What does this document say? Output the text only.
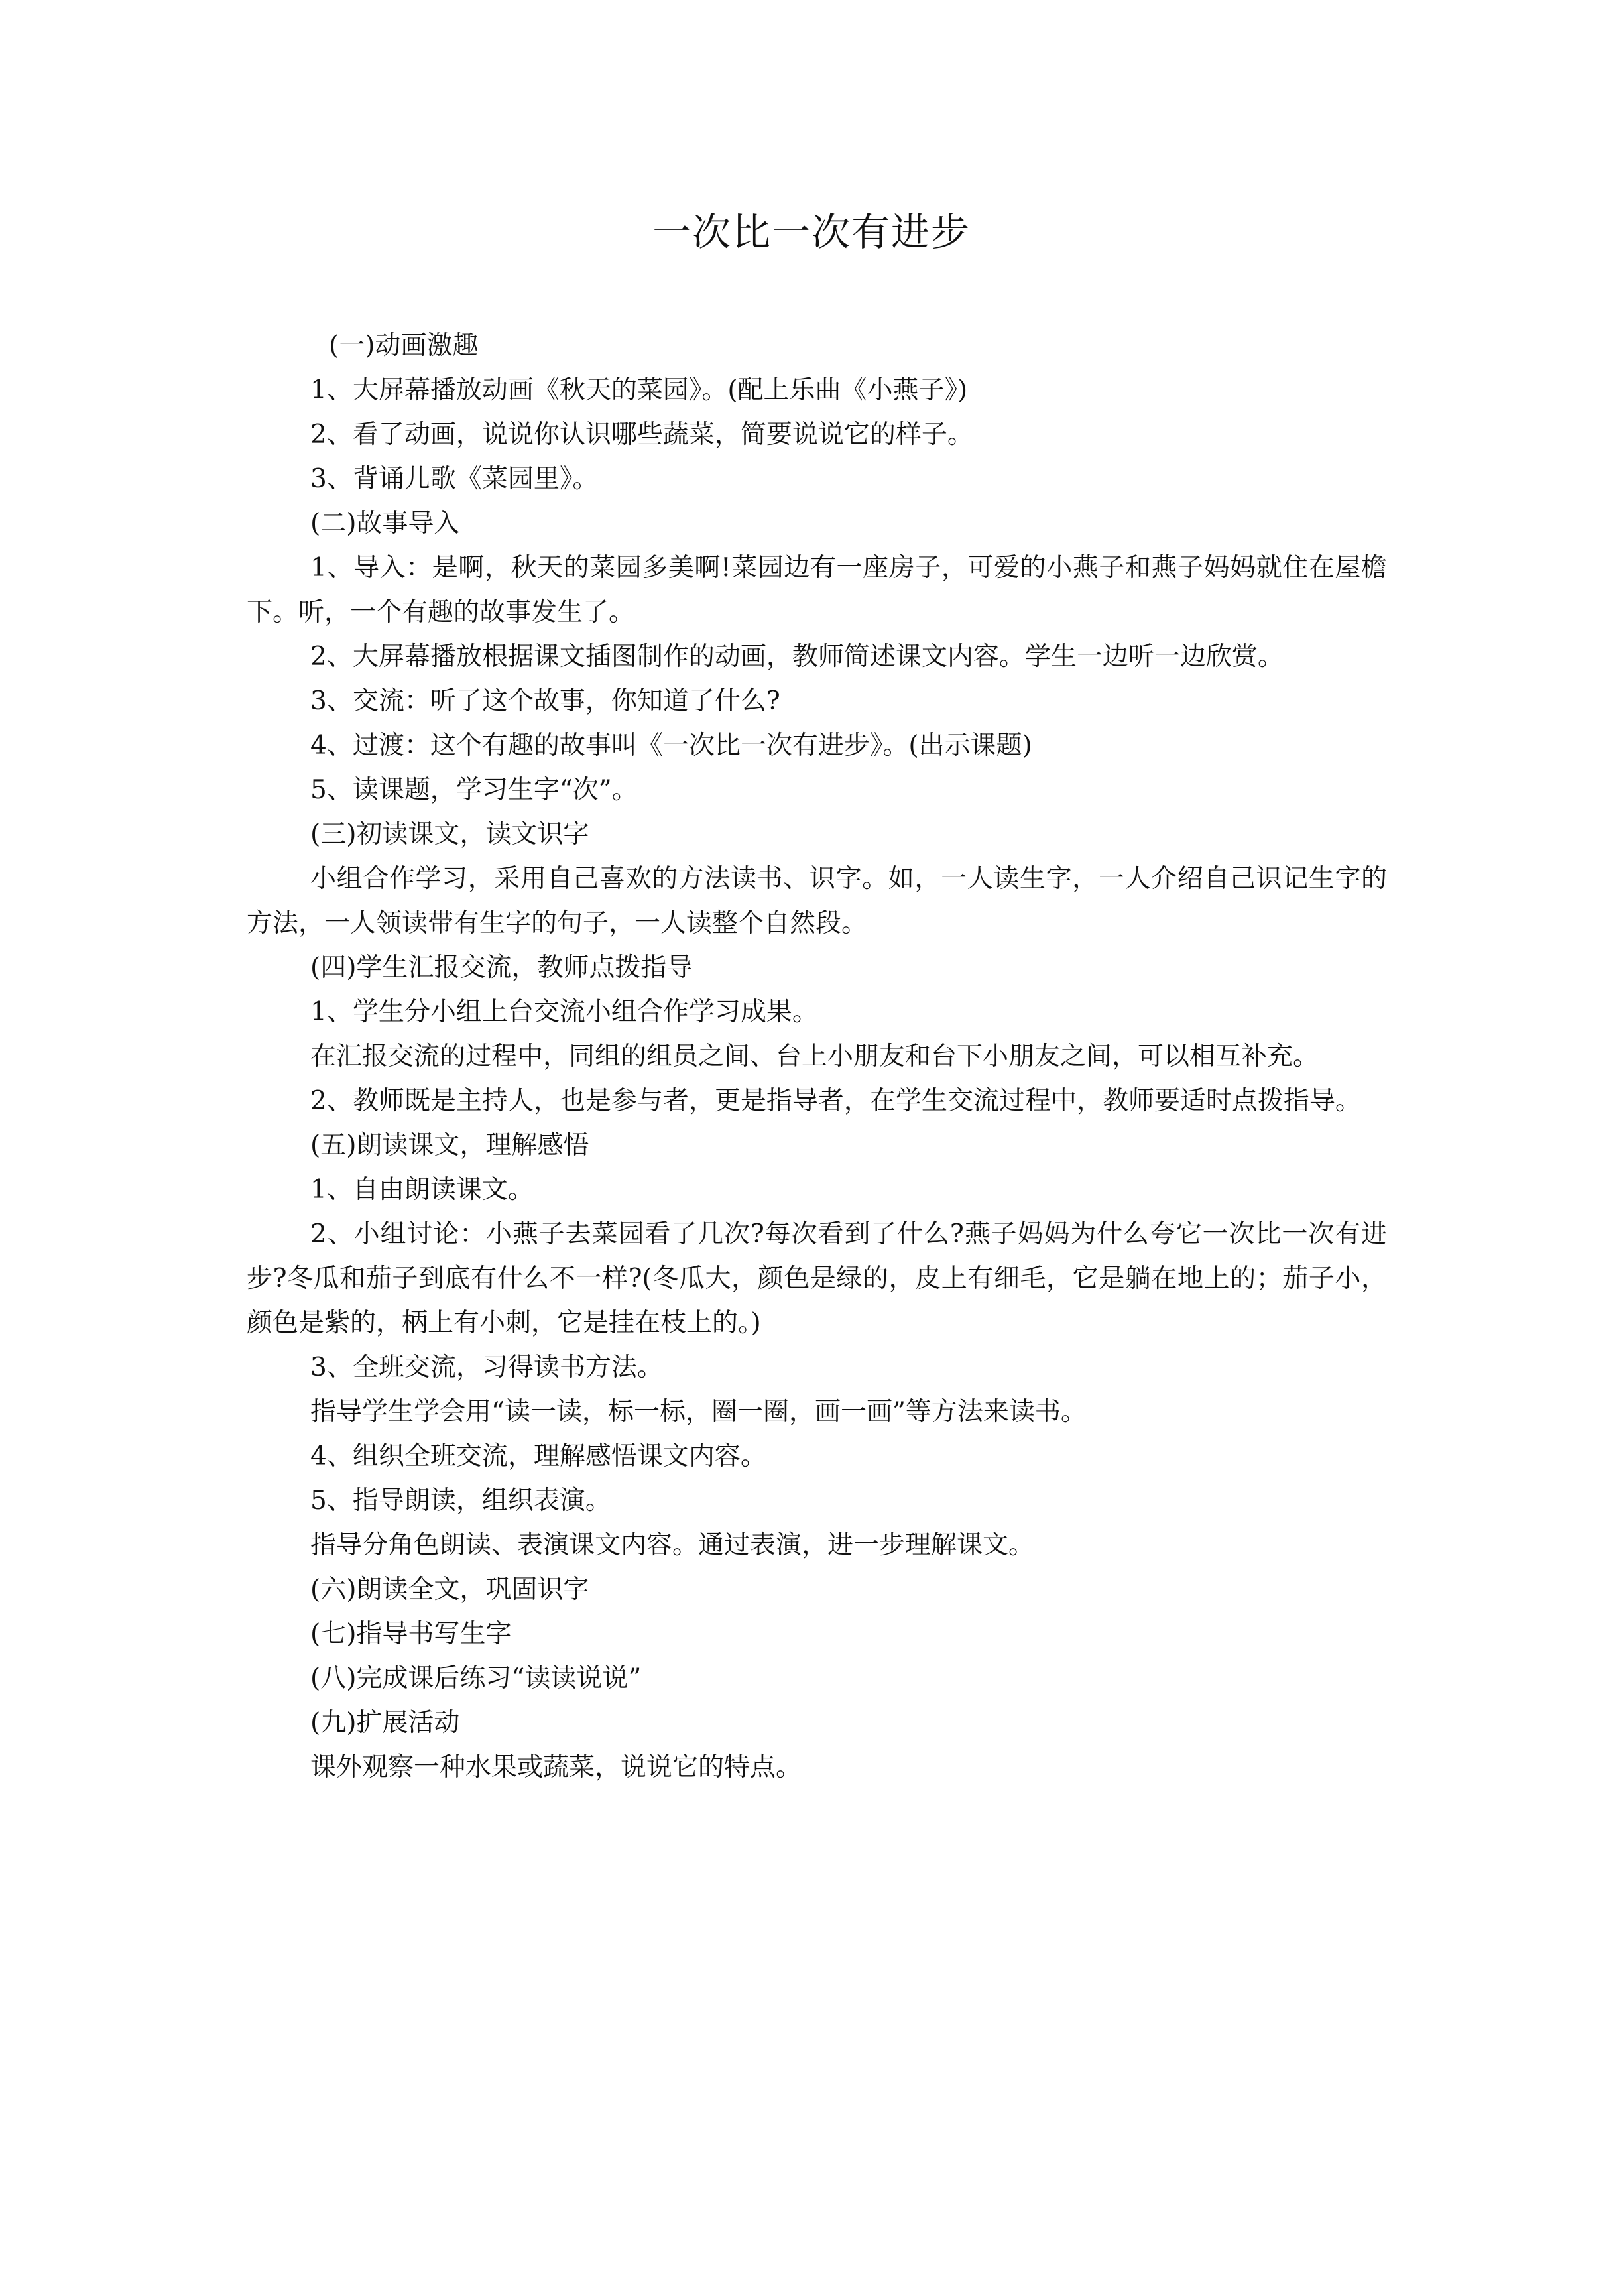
一次比一次有进步

(一)动画激趣

1、大屏幕播放动画《秋天的菜园》。(配上乐曲《小燕子》)

2、看了动画，说说你认识哪些蔬菜，简要说说它的样子。

3、背诵儿歌《菜园里》。

(二)故事导入

1、导入：是啊，秋天的菜园多美啊!菜园边有一座房子，可爱的小燕子和燕子妈妈就住在屋檐下。听，一个有趣的故事发生了。

2、大屏幕播放根据课文插图制作的动画，教师简述课文内容。学生一边听一边欣赏。

3、交流：听了这个故事，你知道了什么?

4、过渡：这个有趣的故事叫《一次比一次有进步》。(出示课题)

5、读课题，学习生字“次”。

(三)初读课文，读文识字

小组合作学习，采用自己喜欢的方法读书、识字。如，一人读生字，一人介绍自己识记生字的方法，一人领读带有生字的句子，一人读整个自然段。

(四)学生汇报交流，教师点拨指导

1、学生分小组上台交流小组合作学习成果。

在汇报交流的过程中，同组的组员之间、台上小朋友和台下小朋友之间，可以相互补充。

2、教师既是主持人，也是参与者，更是指导者，在学生交流过程中，教师要适时点拨指导。

(五)朗读课文，理解感悟

1、自由朗读课文。

2、小组讨论：小燕子去菜园看了几次?每次看到了什么?燕子妈妈为什么夸它一次比一次有进步?冬瓜和茄子到底有什么不一样?(冬瓜大，颜色是绿的，皮上有细毛，它是躺在地上的；茄子小，颜色是紫的，柄上有小刺，它是挂在枝上的。)

3、全班交流，习得读书方法。

指导学生学会用“读一读，标一标，圈一圈，画一画”等方法来读书。

4、组织全班交流，理解感悟课文内容。

5、指导朗读，组织表演。

指导分角色朗读、表演课文内容。通过表演，进一步理解课文。

(六)朗读全文，巩固识字

(七)指导书写生字

(八)完成课后练习“读读说说”

(九)扩展活动

课外观察一种水果或蔬菜，说说它的特点。
